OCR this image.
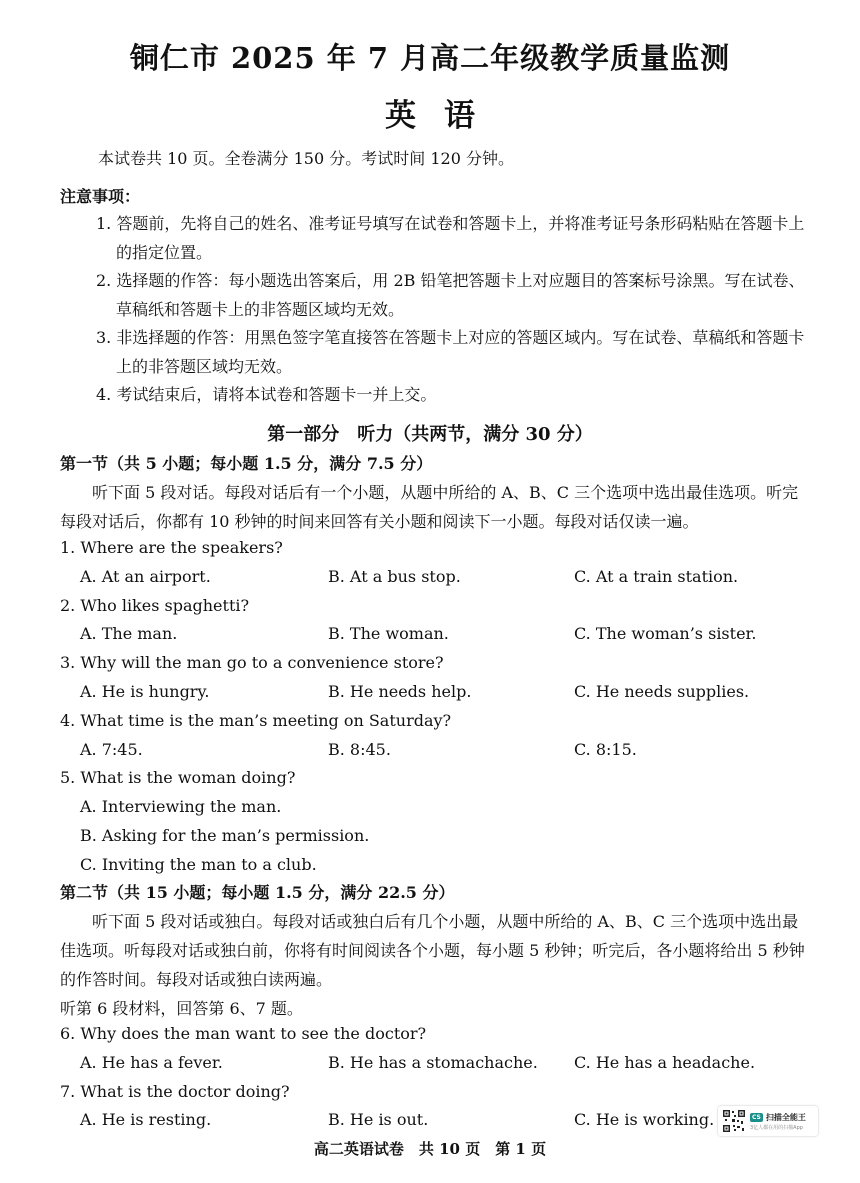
铜仁市 2025 年 7 月高二年级教学质量监测
英语
本试卷共 10 页。全卷满分 150 分。考试时间 120 分钟。
注意事项：
1. 答题前，先将自己的姓名、准考证号填写在试卷和答题卡上，并将准考证号条形码粘贴在答题卡上的指定位置。
2. 选择题的作答：每小题选出答案后，用 2B 铅笔把答题卡上对应题目的答案标号涂黑。写在试卷、草稿纸和答题卡上的非答题区域均无效。
3. 非选择题的作答：用黑色签字笔直接答在答题卡上对应的答题区域内。写在试卷、草稿纸和答题卡上的非答题区域均无效。
4. 考试结束后，请将本试卷和答题卡一并上交。
第一部分　听力（共两节，满分 30 分）
第一节（共 5 小题；每小题 1.5 分，满分 7.5 分）
听下面 5 段对话。每段对话后有一个小题，从题中所给的 A、B、C 三个选项中选出最佳选项。听完每段对话后，你都有 10 秒钟的时间来回答有关小题和阅读下一小题。每段对话仅读一遍。
1. Where are the speakers?
A. At an airport.	B. At a bus stop.	C. At a train station.
2. Who likes spaghetti?
A. The man.	B. The woman.	C. The woman’s sister.
3. Why will the man go to a convenience store?
A. He is hungry.	B. He needs help.	C. He needs supplies.
4. What time is the man’s meeting on Saturday?
A. 7:45.	B. 8:45.	C. 8:15.
5. What is the woman doing?
A. Interviewing the man.
B. Asking for the man’s permission.
C. Inviting the man to a club.
第二节（共 15 小题；每小题 1.5 分，满分 22.5 分）
听下面 5 段对话或独白。每段对话或独白后有几个小题，从题中所给的 A、B、C 三个选项中选出最佳选项。听每段对话或独白前，你将有时间阅读各个小题，每小题 5 秒钟；听完后，各小题将给出 5 秒钟的作答时间。每段对话或独白读两遍。
听第 6 段材料，回答第 6、7 题。
6. Why does the man want to see the doctor?
A. He has a fever.	B. He has a stomachache. C. He has a headache.
7. What is the doctor doing?
A. He is resting.	B. He is out.	C. He is working.	CS 扫描全能王
3亿人都在用的扫描App
高二英语试卷　共 10 页　第 1 页
